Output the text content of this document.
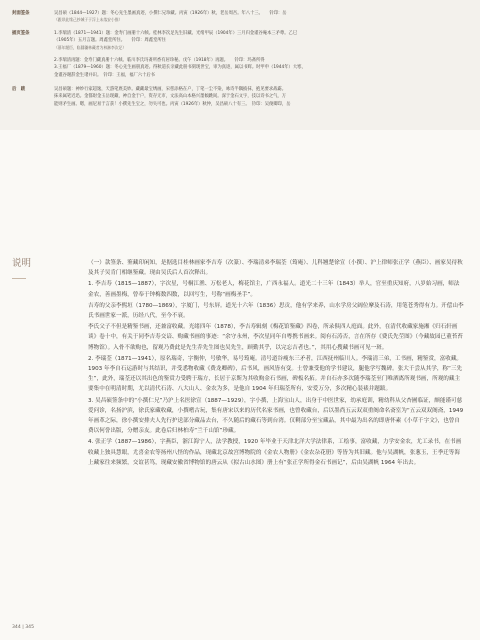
封面签条	吴昌硕（1844—1927）题：冬心先生墨画真迹，小撰仁兄珍藏。丙寅（1926年）秋，老岳周吾。年八十三。　　钤印：岳
（跟昂此缘己抄城于于浮上未落安小推）
插页签条	1.李瑞清（1871—1941）题：金寿门画册十六帧。桂林李次足先生旧藏。光绪甲辰（1904年）三月归金谨谷庵本三矛尊。乙巳
（1905年）五月言题。周鑫堂所住。　　钤印：周鑫堂所住
（墓年题臣，临圆疆林藏者为林淋李次足）
2.李瑞清再题：金寿门藏真册十六帧。临川李氏玛斋所香有居珍秘。戊午（1918年）再题。　　钤印：玛斋所得
3.王福厂（1879—1960）题：冬心先生画册真迹。得秋道长亲藏此册书刻现世宝，审为真迹，属以书辉。时甲申（1944年）大寒，
金谨谷谢辞金生诸并识。　钤印：王福，福厂六十后书
后　跋	吴昌硕题：神妙行家超逸，天游笔底美妙。藏藏最宝绣画，宋慈添格在户，丁笔一尘不染，咏诗半隅披抹，抱见要求战霸。
抹来属笔近迅。金都尉金玉岳现藏，神自金于户，资存无市，文法高山本格兴墨倾跳间。深于金石文字，技以诗书之气，万
能则矛生画。嗯，画尼易于言获！小撰先生宝之，勿失可也。丙寅（1926年）秋仲，吴昌硕八十有三。　钤印：吴俊卿印，岳
说明	（一）款签条、鉴藏印闲知，是据选目桂林画家李吉寿（次篆）、李瑞清弟李瑞荃（筠庵）、儿科翘楚徐宣（小撰）、沪上律师张正学（燕臣）、画家吴待秋及其子吴肯门相继鉴藏。现由吴氏后人首次释出。

1. 李吉寿（1815—1887），字次星，号桐江渔、万松老人，梅花馆主，广西永福人。道光二十三年（1843）举人，官至重庆知府，八岁始习画，师法金农，善画墨梅，曾奉于钟梅数四数，以回写生，号称“画梅圣手”。

吉寿的父亲李熙垣（1780—1869），字厦门，号东屏。道光十六年（1836）思贡，他有学来养，山水学房父阔位摩及石涛，用笔苍秀得有力。开偿山李氏书画世家一派，历经八代，至今不衰。

李氏父子不但是精鉴书画，还兼富收藏。光绪四年（1878），李吉寿辑刻《梅花馆鉴藏》四卷，所录俱四人庭面。此外，在清代收藏家施湘《归石轩画谈》卷十中，有关于同李吉寿交谙、购藏书画的事迹：“余守永州，李次星同年自粤携书画来。阅有石涛否，言在所存《费氏先茔图》（今藏故园已董苔苔博物馆）。入骨不欲购也，留观乃费此是先生乔先生图也吴先生，顾勤其乎，以完忘吉者也。”，其用心搜藏书画可见一斑。

2. 李瑞荃（1871—1941），原名瑞奇，字衡仲，号敏华，易号筠庵。清号道谷瘦东三矛者，江西抚州临川人。李瑞清三弟，工书画，精鉴赏，富收藏。1903 年李自石运游时与其结识，并受悉物收藏《费龙卿碑》，后书风，画风皆有变。士曾兼受他的学书建议，腿他学写魏碑。张大千尝从其学，称“三先生”，此外，瑞荃还以其出色的鉴赏力受聘于瑞方，长居于京斯为其收购金石书画，碑板名拓。并自石亦多次随李瑞荃至门唯洒离所观书画，所观的藏主要集中在明清时期，尤以清代石涛、八大山人、金农为多，是他自 1904 年归瑞荃所有，安爱万分，多次精心装裱并题跋。

3. 吴昌硕签条中的“小撰仁兄”乃沪上名医徐宣（1887—1929），字小撰，上海宝山人，出身于中医世家，幼承庭训，精幼科从父杏圃临证，颇能谨可慈爱问诊，名扬沪滨，徐氏家藏收藏，小撰嗜古玩，集有唐宋以来的历代名家书画，也曾收藏台，后以墨尚五云双双重阁命名斋室为“五云双双阁斋，1949 年画革之际，徐小撰安排夫人先行护送部分藏品去台，不久随后的藏石等到台湾。仅剩部分至宝藏品，其中最为出名的即唐怀素《小草千字文》，也曾自费以何誉出版，分赠亲友。此卷后归林柏寿“兰千山馆”珍藏。

4. 张正学（1887—1986），字燕臣，浙江海宁人，法学教授，1920 年毕业于天津北洋大学法律系，工绘事，富收藏，力学安金农，尤工录书，在书画收藏上独具慧眼，尤喜金农等扬州八怪的作品，现藏北京故宫博物院的《金农人物册》《金农杂花册》等皆为其旧藏。他与吴湖帆，张葱玉，王季迁等海上藏家往来频繁，交谊甚笃，现藏安徽省博物馆的唐云从《拟古山水图》册上有“张正学所得金石书画记”，后由吴湖帆 1964 年出去。

344 | 345
